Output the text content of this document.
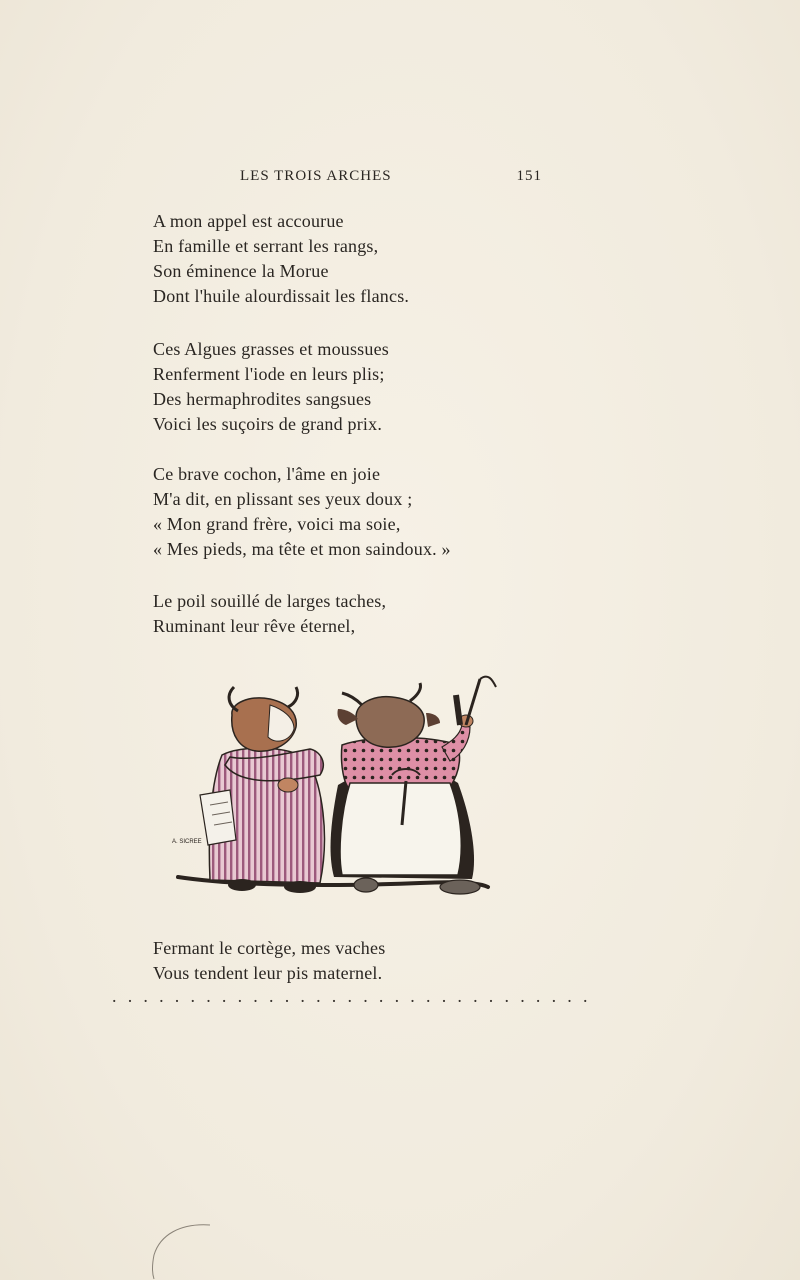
LES TROIS ARCHES	151
A mon appel est accourue
En famille et serrant les rangs,
Son éminence la Morue
Dont l'huile alourdissait les flancs.
Ces Algues grasses et moussues
Renferment l'iode en leurs plis;
Des hermaphrodites sangsues
Voici les suçoirs de grand prix.
Ce brave cochon, l'âme en joie
M'a dit, en plissant ses yeux doux ;
« Mon grand frère, voici ma soie,
« Mes pieds, ma tête et mon saindoux. »
Le poil souillé de larges taches,
Ruminant leur rêve éternel,
A. SICREE
Fermant le cortège, mes vaches
Vous tendent leur pis maternel.
...............................
